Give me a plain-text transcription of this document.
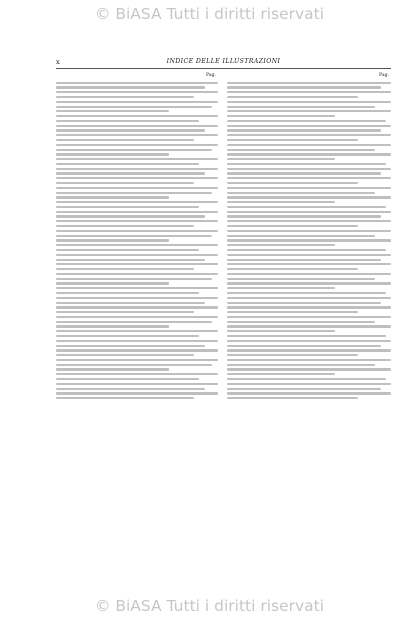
© BiASA Tutti i diritti riservati
x	INDICE DELLE ILLUSTRAZIONI
Pag.	Pag.
© BiASA Tutti i diritti riservati
